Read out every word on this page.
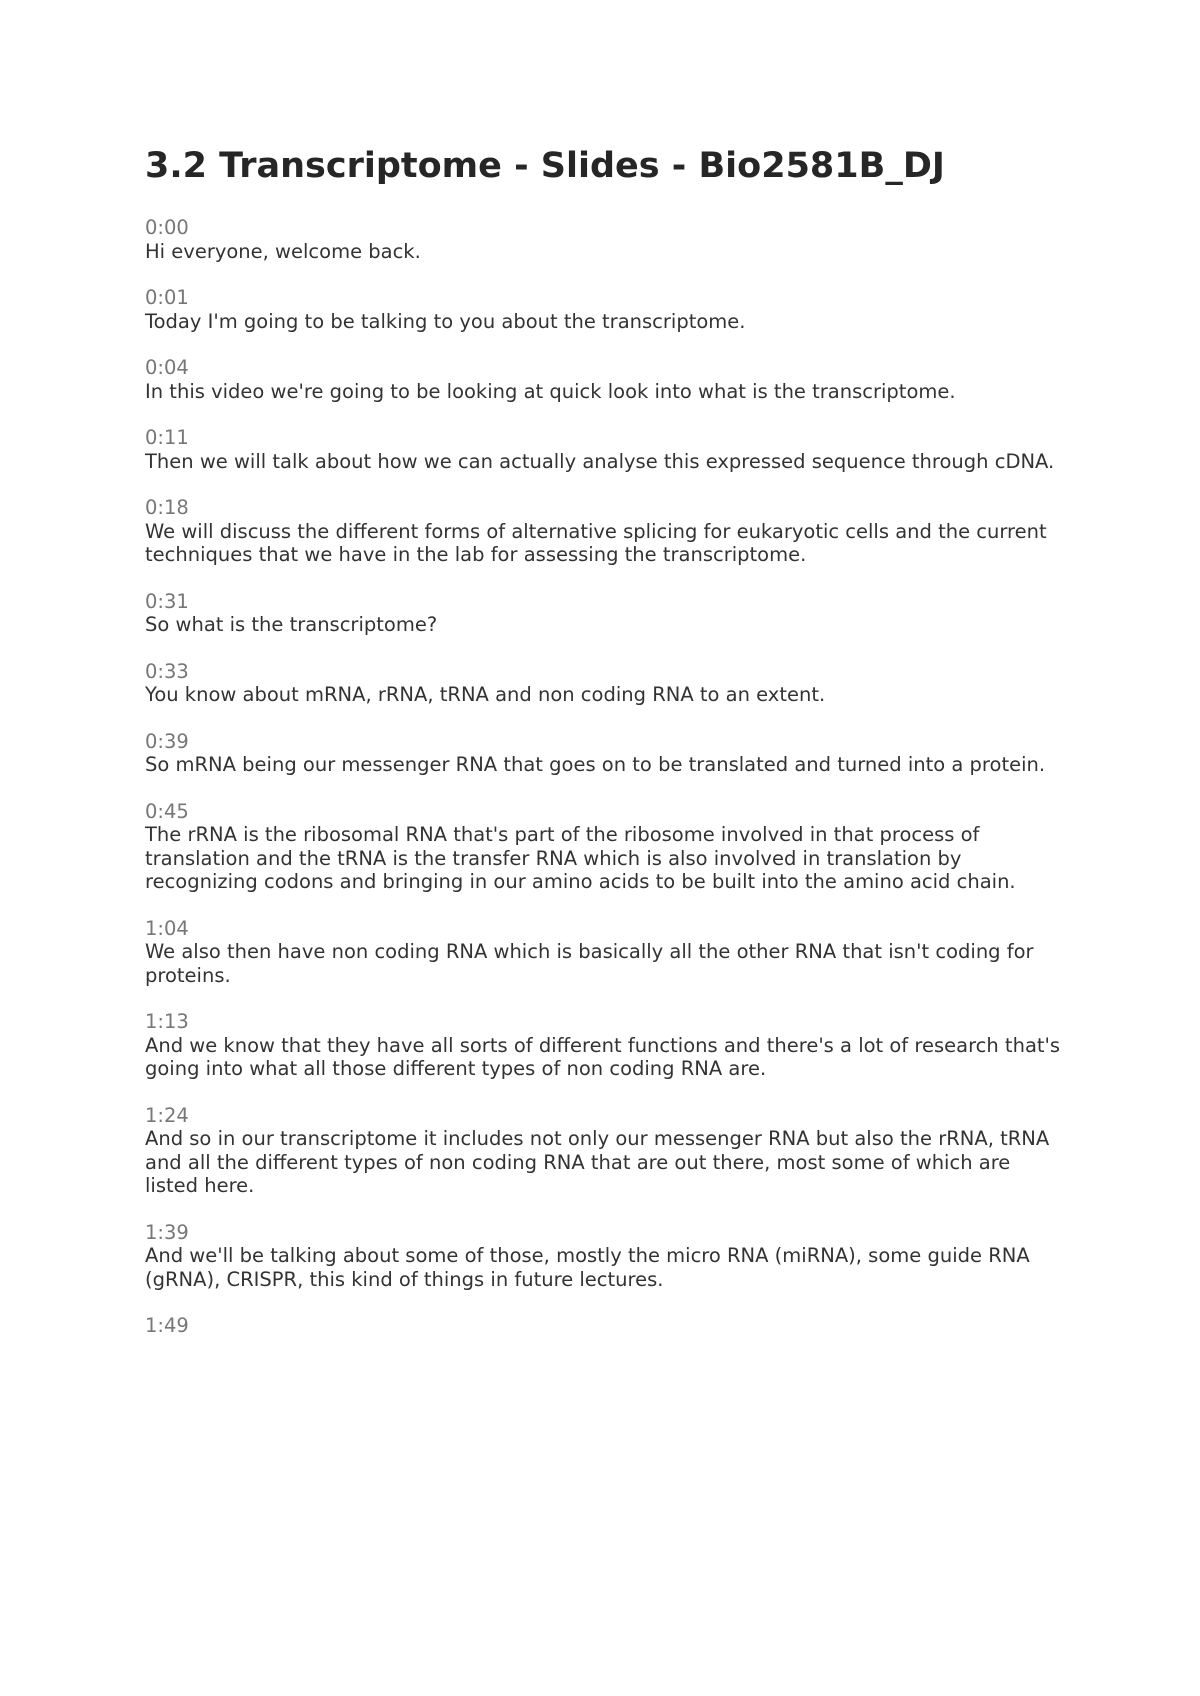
3.2 Transcriptome - Slides - Bio2581B_DJ
0:00
Hi everyone, welcome back.
0:01
Today I'm going to be talking to you about the transcriptome.
0:04
In this video we're going to be looking at quick look into what is the transcriptome.
0:11
Then we will talk about how we can actually analyse this expressed sequence through cDNA.
0:18
We will discuss the different forms of alternative splicing for eukaryotic cells and the current techniques that we have in the lab for assessing the transcriptome.
0:31
So what is the transcriptome?
0:33
You know about mRNA, rRNA, tRNA and non coding RNA to an extent.
0:39
So mRNA being our messenger RNA that goes on to be translated and turned into a protein.
0:45
The rRNA is the ribosomal RNA that's part of the ribosome involved in that process of translation and the tRNA is the transfer RNA which is also involved in translation by recognizing codons and bringing in our amino acids to be built into the amino acid chain.
1:04
We also then have non coding RNA which is basically all the other RNA that isn't coding for proteins.
1:13
And we know that they have all sorts of different functions and there's a lot of research that's going into what all those different types of non coding RNA are.
1:24
And so in our transcriptome it includes not only our messenger RNA but also the rRNA, tRNA and all the different types of non coding RNA that are out there, most some of which are listed here.
1:39
And we'll be talking about some of those, mostly the micro RNA (miRNA), some guide RNA (gRNA), CRISPR, this kind of things in future lectures.
1:49
